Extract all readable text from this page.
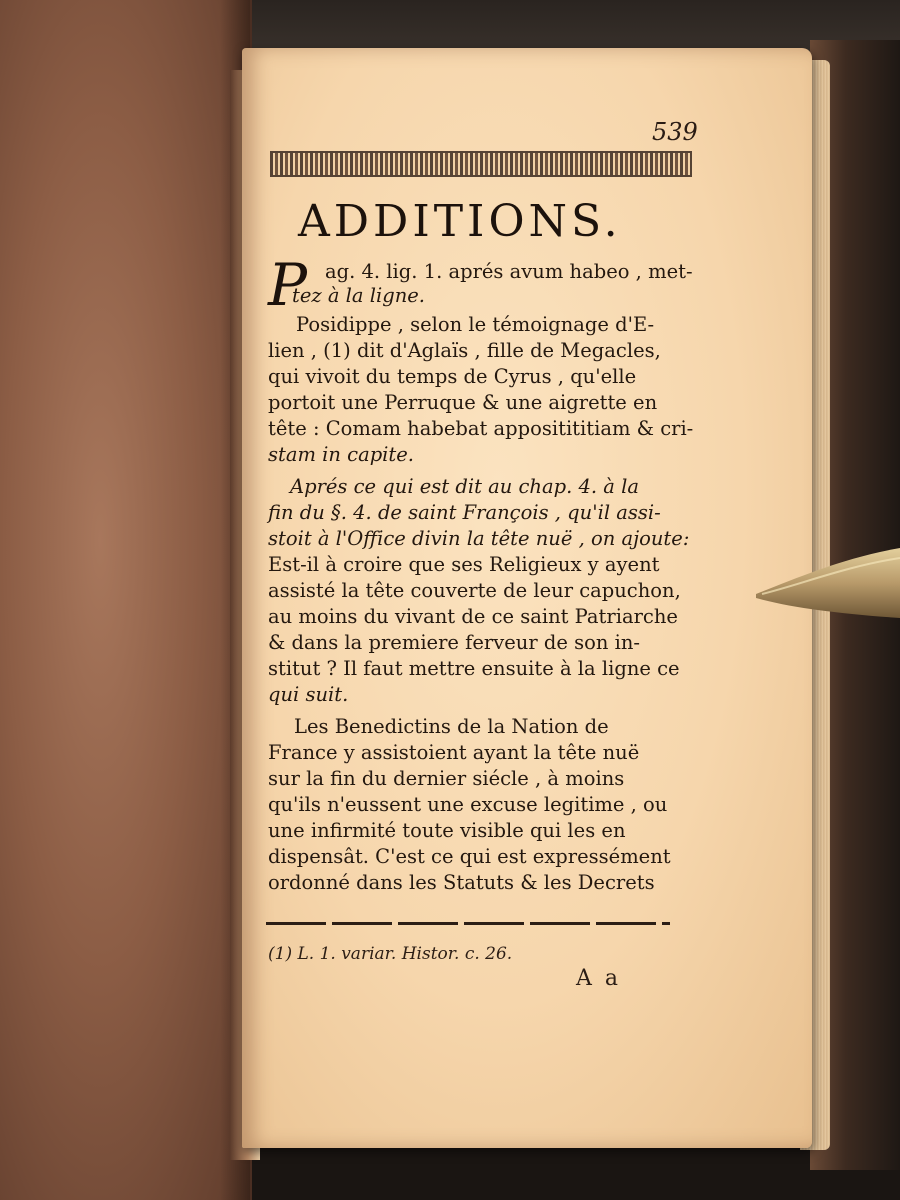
539
ADDITIONS.
P ag. 4. lig. 1. aprés avum habeo , met-
tez à la ligne.
Posidippe , selon le témoignage d'E-
lien , (1) dit d'Aglaïs , fille de Megacles,
qui vivoit du temps de Cyrus , qu'elle
portoit une Perruque & une aigrette en
tête : Comam habebat appositititiam & cri-
stam in capite.
Aprés ce qui est dit au chap. 4. à la
fin du §. 4. de saint François , qu'il assi-
stoit à l'Office divin la tête nuë , on ajoute:
Est-il à croire que ses Religieux y ayent
assisté la tête couverte de leur capuchon,
au moins du vivant de ce saint Patriarche
& dans la premiere ferveur de son in-
stitut ? Il faut mettre ensuite à la ligne ce
qui suit.
Les Benedictins de la Nation de
France y assistoient ayant la tête nuë
sur la fin du dernier siécle , à moins
qu'ils n'eussent une excuse legitime , ou
une infirmité toute visible qui les en
dispensât. C'est ce qui est expressément
ordonné dans les Statuts & les Decrets
(1) L. 1. variar. Histor. c. 26.
A a
